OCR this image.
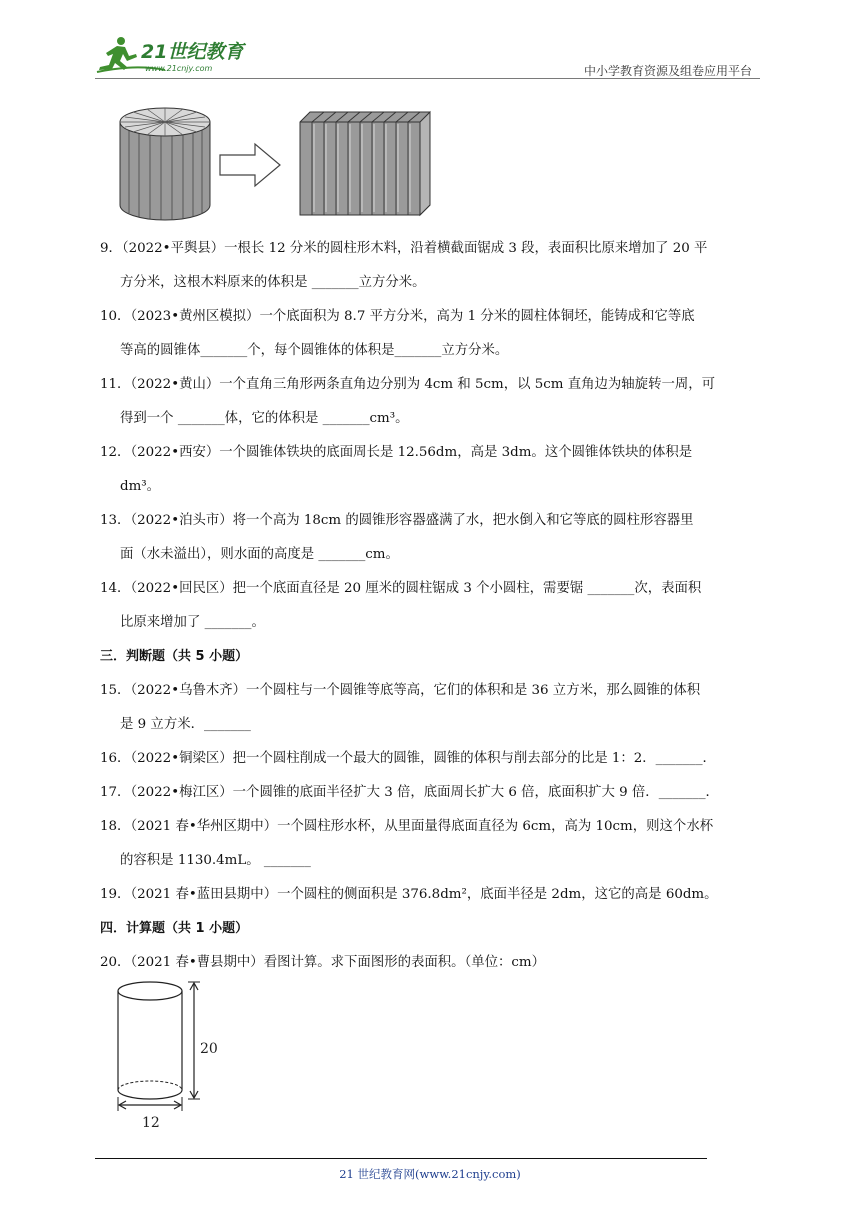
21世纪教育
www.21cnjy.com	中小学教育资源及组卷应用平台
9．（2022•平舆县）一根长 12 分米的圆柱形木料，沿着横截面锯成 3 段，表面积比原来增加了 20 平
方分米，这根木料原来的体积是 _______立方分米。
10．（2023•黄州区模拟）一个底面积为 8.7 平方分米，高为 1 分米的圆柱体铜坯，能铸成和它等底
等高的圆锥体_______个，每个圆锥体的体积是_______立方分米。
11．（2022•黄山）一个直角三角形两条直角边分别为 4cm 和 5cm，以 5cm 直角边为轴旋转一周，可
得到一个 _______体，它的体积是 _______cm³。
12．（2022•西安）一个圆锥体铁块的底面周长是 12.56dm，高是 3dm。这个圆锥体铁块的体积是
dm³。
13．（2022•泊头市）将一个高为 18cm 的圆锥形容器盛满了水，把水倒入和它等底的圆柱形容器里
面（水未溢出），则水面的高度是 _______cm。
14．（2022•回民区）把一个底面直径是 20 厘米的圆柱锯成 3 个小圆柱，需要锯 _______次，表面积
比原来增加了 _______。
三．判断题（共 5 小题）
15．（2022•乌鲁木齐）一个圆柱与一个圆锥等底等高，它们的体积和是 36 立方米，那么圆锥的体积
是 9 立方米．_______
16．（2022•铜梁区）把一个圆柱削成一个最大的圆锥，圆锥的体积与削去部分的比是 1：2．_______．
17．（2022•梅江区）一个圆锥的底面半径扩大 3 倍，底面周长扩大 6 倍，底面积扩大 9 倍．_______．
18．（2021 春•华州区期中）一个圆柱形水杯，从里面量得底面直径为 6cm，高为 10cm，则这个水杯
的容积是 1130.4mL。 _______
19．（2021 春•蓝田县期中）一个圆柱的侧面积是 376.8dm²，底面半径是 2dm，这它的高是 60dm。
四．计算题（共 1 小题）
20．（2021 春•曹县期中）看图计算。求下面图形的表面积。（单位：cm）
20
12
21 世纪教育网(www.21cnjy.com)
